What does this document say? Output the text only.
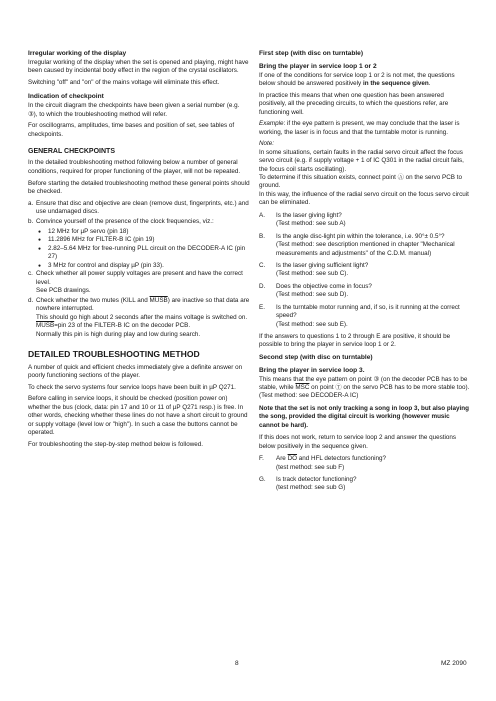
Irregular working of the display

Irregular working of the display when the set is opened and playing, might have been caused by incidental body effect in the region of the crystal oscillators.

Switching "off" and "on" of the mains voltage will eliminate this effect.

Indication of checkpoint

In the circuit diagram the checkpoints have been given a serial number (e.g. ③), to which the troubleshooting method will refer.

For oscillograms, amplitudes, time bases and position of set, see tables of checkpoints.

GENERAL CHECKPOINTS

In the detailed troubleshooting method following below a number of general conditions, required for proper functioning of the player, will not be repeated.

Before starting the detailed troubleshooting method these general points should be checked.

a. Ensure that disc and objective are clean (remove dust, fingerprints, etc.) and use undamaged discs.
b. Convince yourself of the presence of the clock frequencies, viz.:
● 12 MHz for µP servo (pin 18)
● 11.2896 MHz for FILTER-B IC (pin 19)
● 2.82–5.64 MHz for free-running PLL circuit on the DECODER-A IC (pin 27)
● 3 MHz for control and display µP (pin 33).
c. Check whether all power supply voltages are present and have the correct level.
See PCB drawings.
d. Check whether the two mutes (KILL and MUSB) are inactive so that data are nowhere interrupted.
This should go high about 2 seconds after the mains voltage is switched on.
MUSB=pin 23 of the FILTER-B IC on the decoder PCB.
Normally this pin is high during play and low during search.
DETAILED TROUBLESHOOTING METHOD

A number of quick and efficient checks immediately give a definite answer on poorly functioning sections of the player.

To check the servo systems four service loops have been built in µP Q271.

Before calling in service loops, it should be checked (position power on) whether the bus (clock, data: pin 17 and 10 or 11 of µP Q271 resp.) is free. In other words, checking whether these lines do not have a short circuit to ground or supply voltage (level low or "high"). In such a case the buttons cannot be operated.

For troubleshooting the step-by-step method below is followed.

First step (with disc on turntable)
Bring the player in service loop 1 or 2

If one of the conditions for service loop 1 or 2 is not met, the questions below should be answered positively in the sequence given.

In practice this means that when one question has been answered positively, all the preceding circuits, to which the questions refer, are functioning well.

Example: if the eye pattern is present, we may conclude that the laser is working, the laser is in focus and that the turntable motor is running.

Note:
In some situations, certain faults in the radial servo circuit affect the focus servo circuit (e.g. if supply voltage + 1 of IC Q301 in the radial circuit fails, the focus coil starts oscillating).
To determine if this situation exists, connect point Ⓐ on the servo PCB to ground.

In this way, the influence of the radial servo circuit on the focus servo circuit can be eliminated.

A.	Is the laser giving light?
(Test method: see sub A)
B.	Is the angle disc-light pin within the tolerance, i.e. 90°± 0.5°?
(Test method: see description mentioned in chapter "Mechanical measurements and adjustments" of the C.D.M. manual)
C.	Is the laser giving sufficient light?
(Test method: see sub C).
D.	Does the objective come in focus?
(Test method: see sub D).
E.	Is the turntable motor running and, if so, is it running at the correct speed?
(Test method: see sub E).

If the answers to questions 1 to 2 through E are positive, it should be possible to bring the player in service loop 1 or 2.

Second step (with disc on turntable)
Bring the player in service loop 3.
This means that the eye pattern on point ③ (on the decoder PCB has to be stable, while $\overline{MSC}$ on point Ⓣ on the servo PCB has to be more stable too).

(Test method: see DECODER-A IC)

Note that the set is not only tracking a song in loop 3, but also playing the song, provided the digital circuit is working (however music cannot be hard).

If this does not work, return to service loop 2 and answer the questions below positively in the sequence given.

F.	Are $\overline{DO}$ and HFL detectors functioning?
(test method: see sub F)
G.	Is track detector functioning?
(test method: see sub G)
8	MZ 2090
